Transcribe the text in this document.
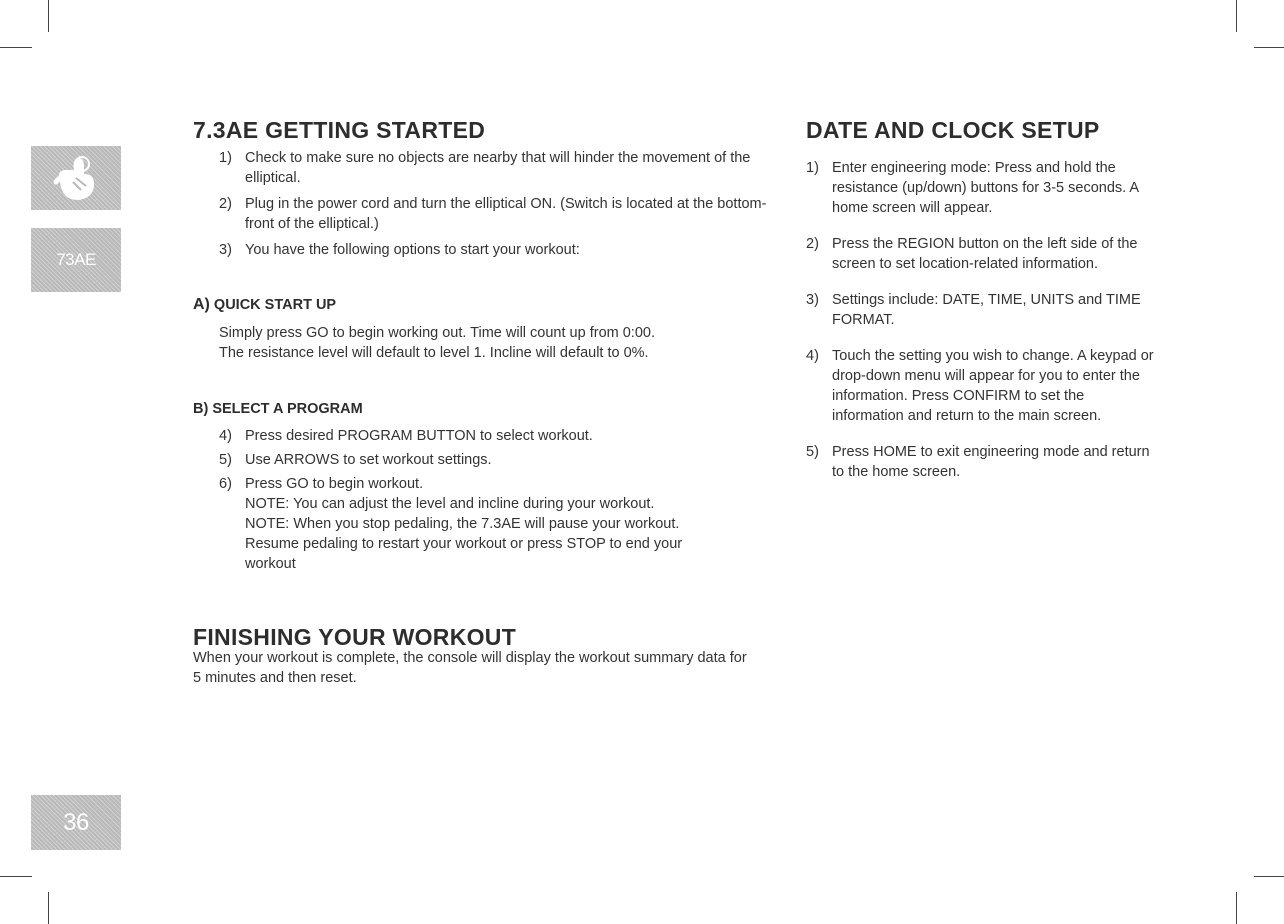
73AE
36
7.3AE GETTING STARTED
1) Check to make sure no objects are nearby that will hinder the movement of the elliptical.
2) Plug in the power cord and turn the elliptical ON. (Switch is located at the bottom-front of the elliptical.)
3) You have the following options to start your workout:
A) QUICK START UP
Simply press GO to begin working out. Time will count up from 0:00.
The resistance level will default to level 1. Incline will default to 0%.
B) SELECT A PROGRAM
4) Press desired PROGRAM BUTTON to select workout.
5) Use ARROWS to set workout settings.
6) Press GO to begin workout.
NOTE: You can adjust the level and incline during your workout.
NOTE: When you stop pedaling, the 7.3AE will pause your workout.
Resume pedaling to restart your workout or press STOP to end your
workout
FINISHING YOUR WORKOUT
When your workout is complete, the console will display the workout summary data for 5 minutes and then reset.
DATE AND CLOCK SETUP
1) Enter engineering mode: Press and hold the resistance (up/down) buttons for 3-5 seconds. A home screen will appear.
2) Press the REGION button on the left side of the screen to set location-related information.
3) Settings include: DATE, TIME, UNITS and TIME FORMAT.
4) Touch the setting you wish to change. A keypad or drop-down menu will appear for you to enter the information. Press CONFIRM to set the information and return to the main screen.
5) Press HOME to exit engineering mode and return to the home screen.
